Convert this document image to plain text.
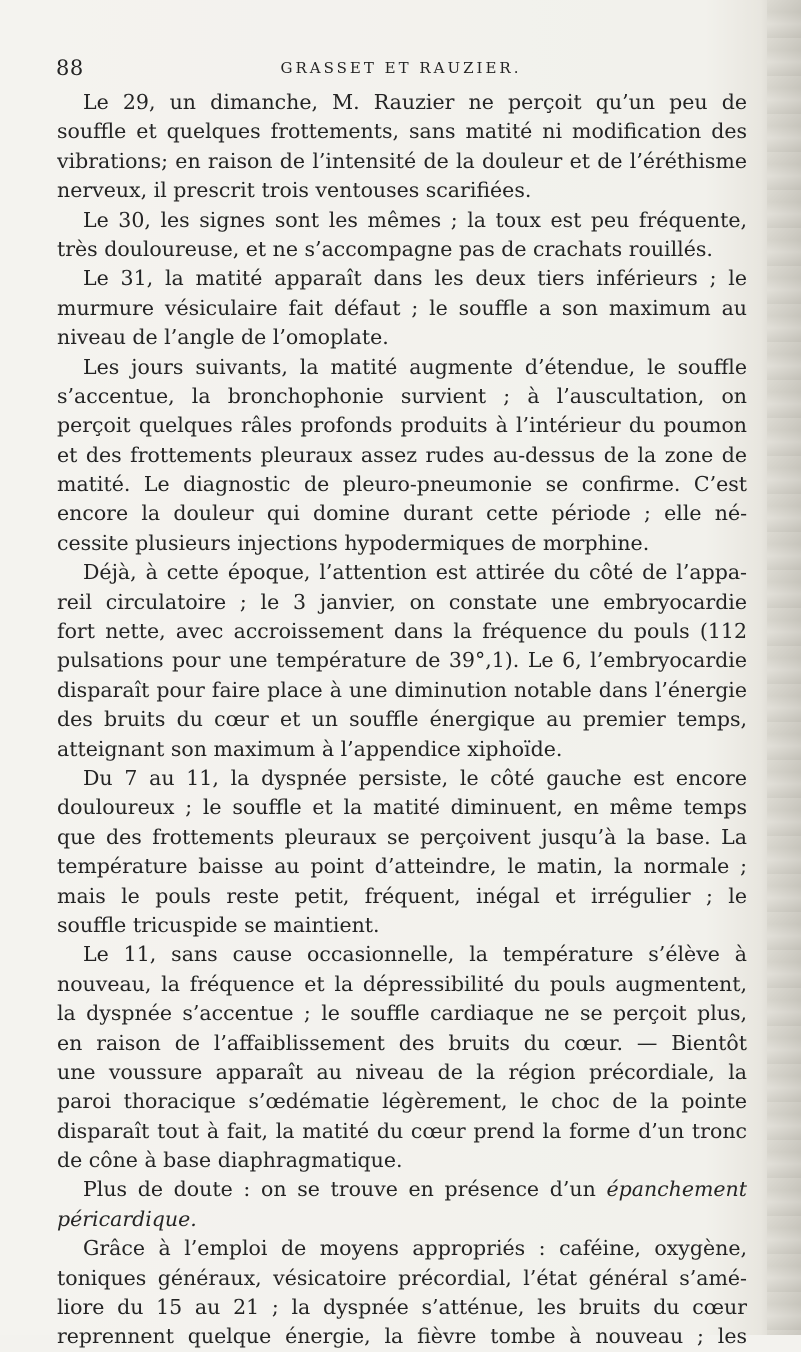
88	GRASSET ET RAUZIER.
Le 29, un dimanche, M. Rauzier ne perçoit qu’un peu de
souffle et quelques frottements, sans matité ni modification des
vibrations; en raison de l’intensité de la douleur et de l’éréthisme
nerveux, il prescrit trois ventouses scarifiées.
Le 30, les signes sont les mêmes ; la toux est peu fréquente,
très douloureuse, et ne s’accompagne pas de crachats rouillés.
Le 31, la matité apparaît dans les deux tiers inférieurs ; le
murmure vésiculaire fait défaut ; le souffle a son maximum au
niveau de l’angle de l’omoplate.
Les jours suivants, la matité augmente d’étendue, le souffle
s’accentue, la bronchophonie survient ; à l’auscultation, on
perçoit quelques râles profonds produits à l’intérieur du poumon
et des frottements pleuraux assez rudes au-dessus de la zone de
matité. Le diagnostic de pleuro-pneumonie se confirme. C’est
encore la douleur qui domine durant cette période ; elle né-
cessite plusieurs injections hypodermiques de morphine.
Déjà, à cette époque, l’attention est attirée du côté de l’appa-
reil circulatoire ; le 3 janvier, on constate une embryocardie
fort nette, avec accroissement dans la fréquence du pouls (112
pulsations pour une température de 39°,1). Le 6, l’embryocardie
disparaît pour faire place à une diminution notable dans l’énergie
des bruits du cœur et un souffle énergique au premier temps,
atteignant son maximum à l’appendice xiphoïde.
Du 7 au 11, la dyspnée persiste, le côté gauche est encore
douloureux ; le souffle et la matité diminuent, en même temps
que des frottements pleuraux se perçoivent jusqu’à la base. La
température baisse au point d’atteindre, le matin, la normale ;
mais le pouls reste petit, fréquent, inégal et irrégulier ; le
souffle tricuspide se maintient.
Le 11, sans cause occasionnelle, la température s’élève à
nouveau, la fréquence et la dépressibilité du pouls augmentent,
la dyspnée s’accentue ; le souffle cardiaque ne se perçoit plus,
en raison de l’affaiblissement des bruits du cœur. — Bientôt
une voussure apparaît au niveau de la région précordiale, la
paroi thoracique s’œdématie légèrement, le choc de la pointe
disparaît tout à fait, la matité du cœur prend la forme d’un tronc
de cône à base diaphragmatique.
Plus de doute : on se trouve en présence d’un épanchement
péricardique.
Grâce à l’emploi de moyens appropriés : caféine, oxygène,
toniques généraux, vésicatoire précordial, l’état général s’amé-
liore du 15 au 21 ; la dyspnée s’atténue, les bruits du cœur
reprennent quelque énergie, la fièvre tombe à nouveau ; les
